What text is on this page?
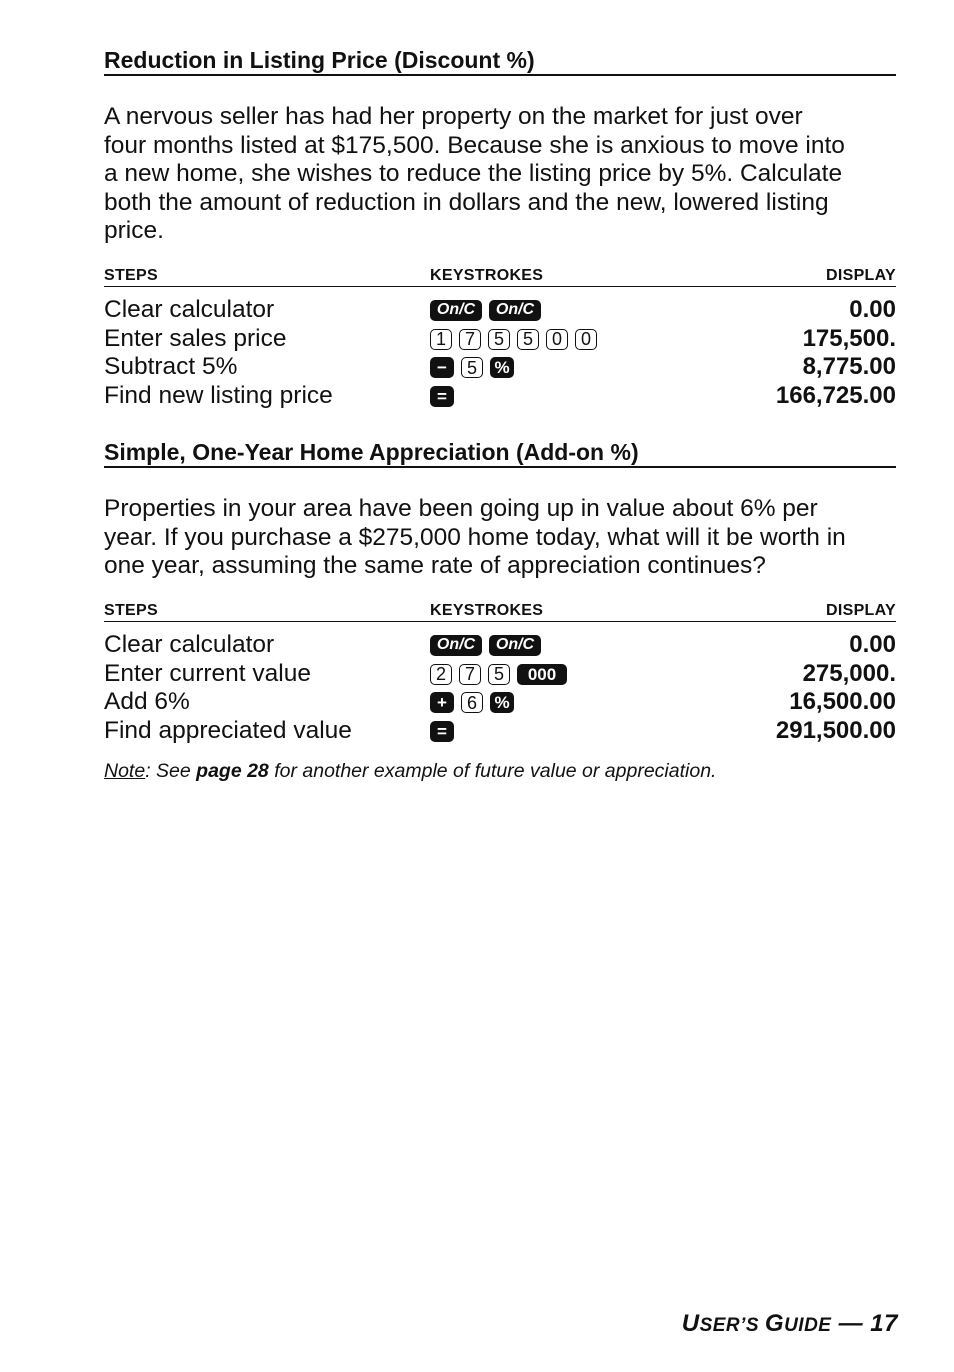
Reduction in Listing Price (Discount %)

A nervous seller has had her property on the market for just over

four months listed at $175,500. Because she is anxious to move into

a new home, she wishes to reduce the listing price by 5%. Calculate

both the amount of reduction in dollars and the new, lowered listing

price.

STEPS	KEYSTROKES	DISPLAY
Clear calculator	On/C	On/C	0.00
Enter sales price	1	7	5	5	0	0	175,500.
Subtract 5%	−	5	%	8,775.00
Find new listing price	=	166,725.00
Simple, One-Year Home Appreciation (Add-on %)

Properties in your area have been going up in value about 6% per

year. If you purchase a $275,000 home today, what will it be worth in

one year, assuming the same rate of appreciation continues?

STEPS	KEYSTROKES	DISPLAY
Clear calculator	On/C	On/C	0.00
Enter current value	2	7	5	000	275,000.
Add 6%	+	6	%	16,500.00
Find appreciated value	=	291,500.00

Note: See page 28 for another example of future value or appreciation.

USER’S GUIDE — 17
